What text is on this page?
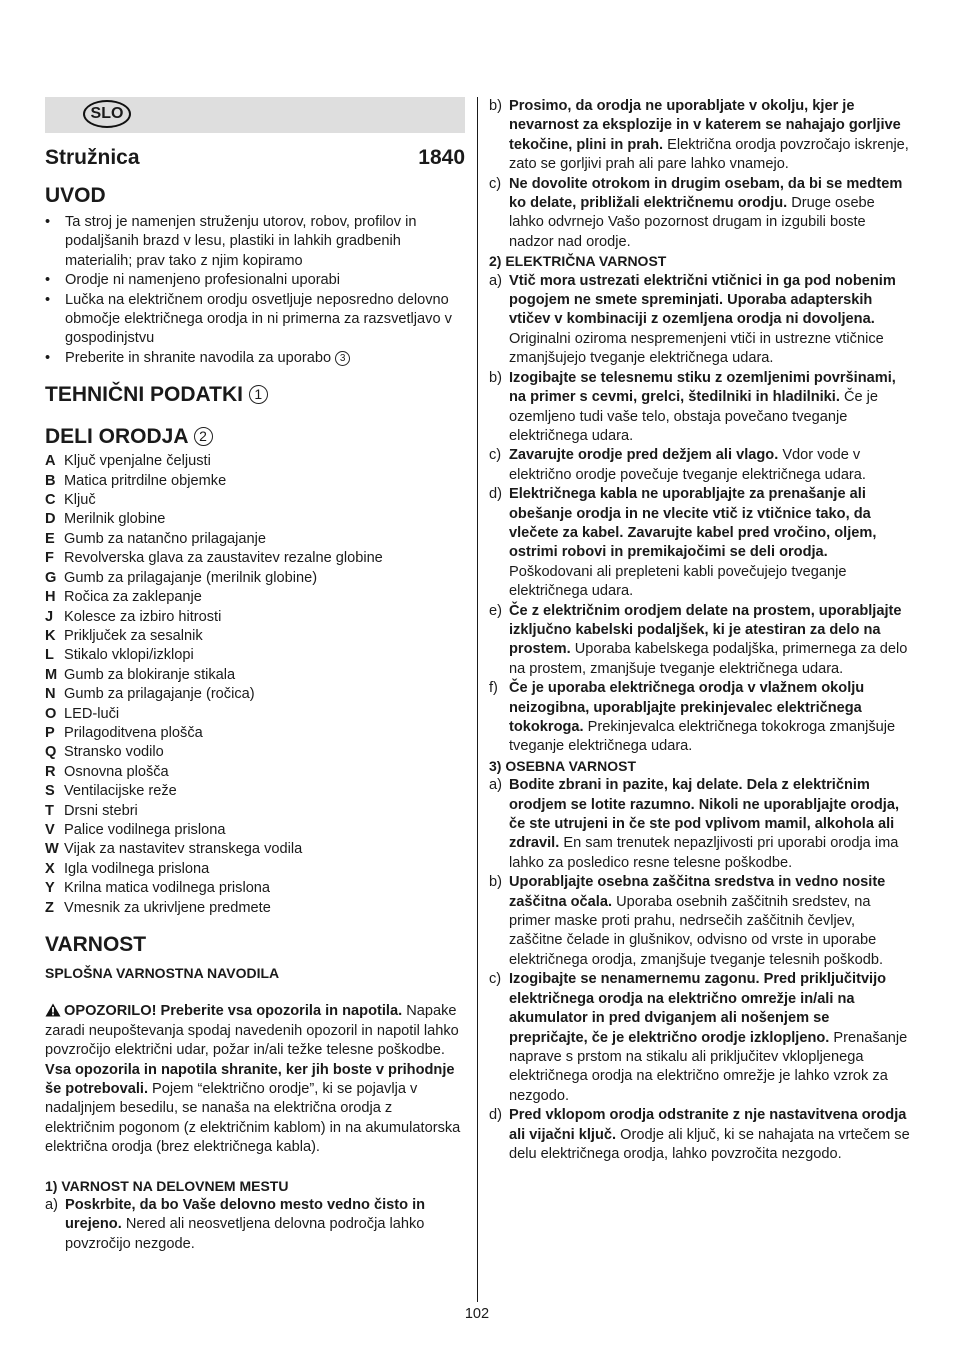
SLO
Stružnica	1840
UVOD
• Ta stroj je namenjen struženju utorov, robov, profilov in podaljšanih brazd v lesu, plastiki in lahkih gradbenih materialih; prav tako z njim kopiramo
• Orodje ni namenjeno profesionalni uporabi
• Lučka na električnem orodju osvetljuje neposredno delovno območje električnega orodja in ni primerna za razsvetljavo v gospodinjstvu
• Preberite in shranite navodila za uporabo 3
TEHNIČNI PODATKI 1
DELI ORODJA 2
A Ključ vpenjalne čeljusti
B Matica pritrdilne objemke
C Ključ
D Merilnik globine
E Gumb za natančno prilagajanje
F Revolverska glava za zaustavitev rezalne globine
G Gumb za prilagajanje (merilnik globine)
H Ročica za zaklepanje
J Kolesce za izbiro hitrosti
K Priključek za sesalnik
L Stikalo vklopi/izklopi
M Gumb za blokiranje stikala
N Gumb za prilagajanje (ročica)
O LED-luči
P Prilagoditvena plošča
Q Stransko vodilo
R Osnovna plošča
S Ventilacijske reže
T Drsni stebri
V Palice vodilnega prislona
W Vijak za nastavitev stranskega vodila
X Igla vodilnega prislona
Y Krilna matica vodilnega prislona
Z Vmesnik za ukrivljene predmete
VARNOST
SPLOŠNA VARNOSTNA NAVODILA

OPOZORILO! Preberite vsa opozorila in napotila. Napake zaradi neupoštevanja spodaj navedenih opozoril in napotil lahko povzročijo električni udar, požar in/ali težke telesne poškodbe. Vsa opozorila in napotila shranite, ker jih boste v prihodnje še potrebovali. Pojem “električno orodje”, ki se pojavlja v nadaljnjem besedilu, se nanaša na električna orodja z električnim pogonom (z električnim kablom) in na akumulatorska električna orodja (brez električnega kabla).

1) VARNOST NA DELOVNEM MESTU
a) Poskrbite, da bo Vaše delovno mesto vedno čisto in urejeno. Nered ali neosvetljena delovna področja lahko povzročijo nezgode.
b) Prosimo, da orodja ne uporabljate v okolju, kjer je nevarnost za eksplozije in v katerem se nahajajo gorljive tekočine, plini in prah. Električna orodja povzročajo iskrenje, zato se gorljivi prah ali pare lahko vnamejo.
c) Ne dovolite otrokom in drugim osebam, da bi se medtem ko delate, približali električnemu orodju. Druge osebe lahko odvrnejo Vašo pozornost drugam in izgubili boste nadzor nad orodje.
2) ELEKTRIČNA VARNOST
a) Vtič mora ustrezati električni vtičnici in ga pod nobenim pogojem ne smete spreminjati. Uporaba adapterskih vtičev v kombinaciji z ozemljena orodja ni dovoljena. Originalni oziroma nespremenjeni vtiči in ustrezne vtičnice zmanjšujejo tveganje električnega udara.
b) Izogibajte se telesnemu stiku z ozemljenimi površinami, na primer s cevmi, grelci, štedilniki in hladilniki. Če je ozemljeno tudi vaše telo, obstaja povečano tveganje električnega udara.
c) Zavarujte orodje pred dežjem ali vlago. Vdor vode v električno orodje povečuje tveganje električnega udara.
d) Električnega kabla ne uporabljajte za prenašanje ali obešanje orodja in ne vlecite vtič iz vtičnice tako, da vlečete za kabel. Zavarujte kabel pred vročino, oljem, ostrimi robovi in premikajočimi se deli orodja. Poškodovani ali prepleteni kabli povečujejo tveganje električnega udara.
e) Če z električnim orodjem delate na prostem, uporabljajte izključno kabelski podaljšek, ki je atestiran za delo na prostem. Uporaba kabelskega podaljška, primernega za delo na prostem, zmanjšuje tveganje električnega udara.
f) Če je uporaba električnega orodja v vlažnem okolju neizogibna, uporabljajte prekinjevalec električnega tokokroga. Prekinjevalca električnega tokokroga zmanjšuje tveganje električnega udara.
3) OSEBNA VARNOST
a) Bodite zbrani in pazite, kaj delate. Dela z električnim orodjem se lotite razumno. Nikoli ne uporabljajte orodja, če ste utrujeni in če ste pod vplivom mamil, alkohola ali zdravil. En sam trenutek nepazljivosti pri uporabi orodja ima lahko za posledico resne telesne poškodbe.
b) Uporabljajte osebna zaščitna sredstva in vedno nosite zaščitna očala. Uporaba osebnih zaščitnih sredstev, na primer maske proti prahu, nedrsečih zaščitnih čevljev, zaščitne čelade in glušnikov, odvisno od vrste in uporabe električnega orodja, zmanjšuje tveganje telesnih poškodb.
c) Izogibajte se nenamernemu zagonu. Pred priključitvijo električnega orodja na električno omrežje in/ali na akumulator in pred dviganjem ali nošenjem se prepričajte, če je električno orodje izklopljeno. Prenašanje naprave s prstom na stikalu ali priključitev vklopljenega električnega orodja na električno omrežje je lahko vzrok za nezgodo.
d) Pred vklopom orodja odstranite z nje nastavitvena orodja ali vijačni ključ. Orodje ali ključ, ki se nahajata na vrtečem se delu električnega orodja, lahko povzročita nezgodo.
102
